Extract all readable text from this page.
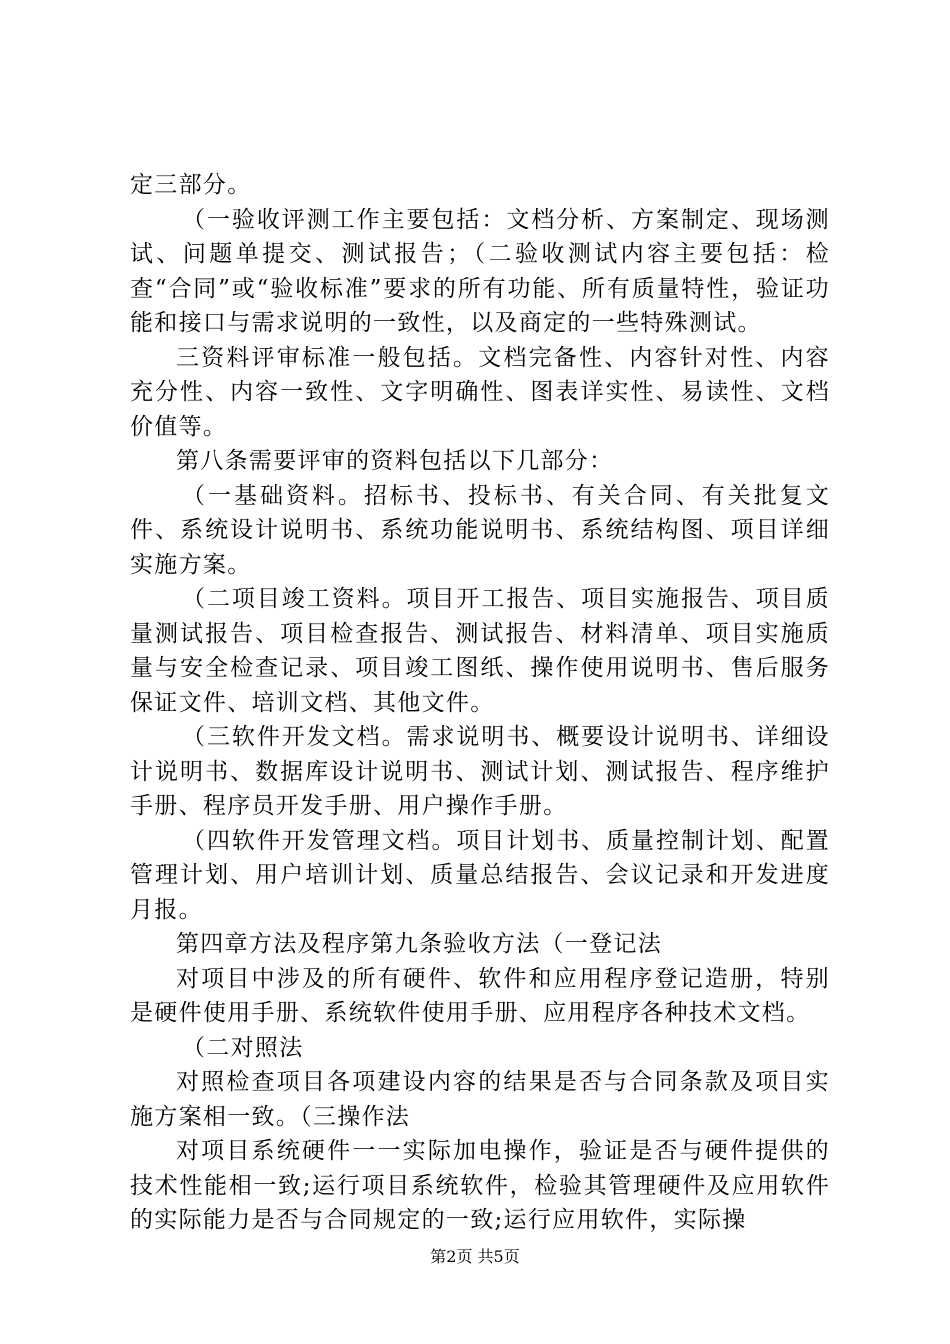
定三部分。

（一验收评测工作主要包括：文档分析、方案制定、现场测试、问题单提交、测试报告；（二验收测试内容主要包括：检查“合同”或“验收标准”要求的所有功能、所有质量特性，验证功能和接口与需求说明的一致性，以及商定的一些特殊测试。

三资料评审标准一般包括。文档完备性、内容针对性、内容充分性、内容一致性、文字明确性、图表详实性、易读性、文档价值等。

第八条需要评审的资料包括以下几部分：

（一基础资料。招标书、投标书、有关合同、有关批复文件、系统设计说明书、系统功能说明书、系统结构图、项目详细实施方案。

（二项目竣工资料。项目开工报告、项目实施报告、项目质量测试报告、项目检查报告、测试报告、材料清单、项目实施质量与安全检查记录、项目竣工图纸、操作使用说明书、售后服务保证文件、培训文档、其他文件。

（三软件开发文档。需求说明书、概要设计说明书、详细设计说明书、数据库设计说明书、测试计划、测试报告、程序维护手册、程序员开发手册、用户操作手册。

（四软件开发管理文档。项目计划书、质量控制计划、配置管理计划、用户培训计划、质量总结报告、会议记录和开发进度月报。

第四章方法及程序第九条验收方法（一登记法

对项目中涉及的所有硬件、软件和应用程序登记造册，特别是硬件使用手册、系统软件使用手册、应用程序各种技术文档。

（二对照法

对照检查项目各项建设内容的结果是否与合同条款及项目实施方案相一致。（三操作法

对项目系统硬件一一实际加电操作，验证是否与硬件提供的技术性能相一致;运行项目系统软件，检验其管理硬件及应用软件的实际能力是否与合同规定的一致;运行应用软件，实际操

第2页 共5页
